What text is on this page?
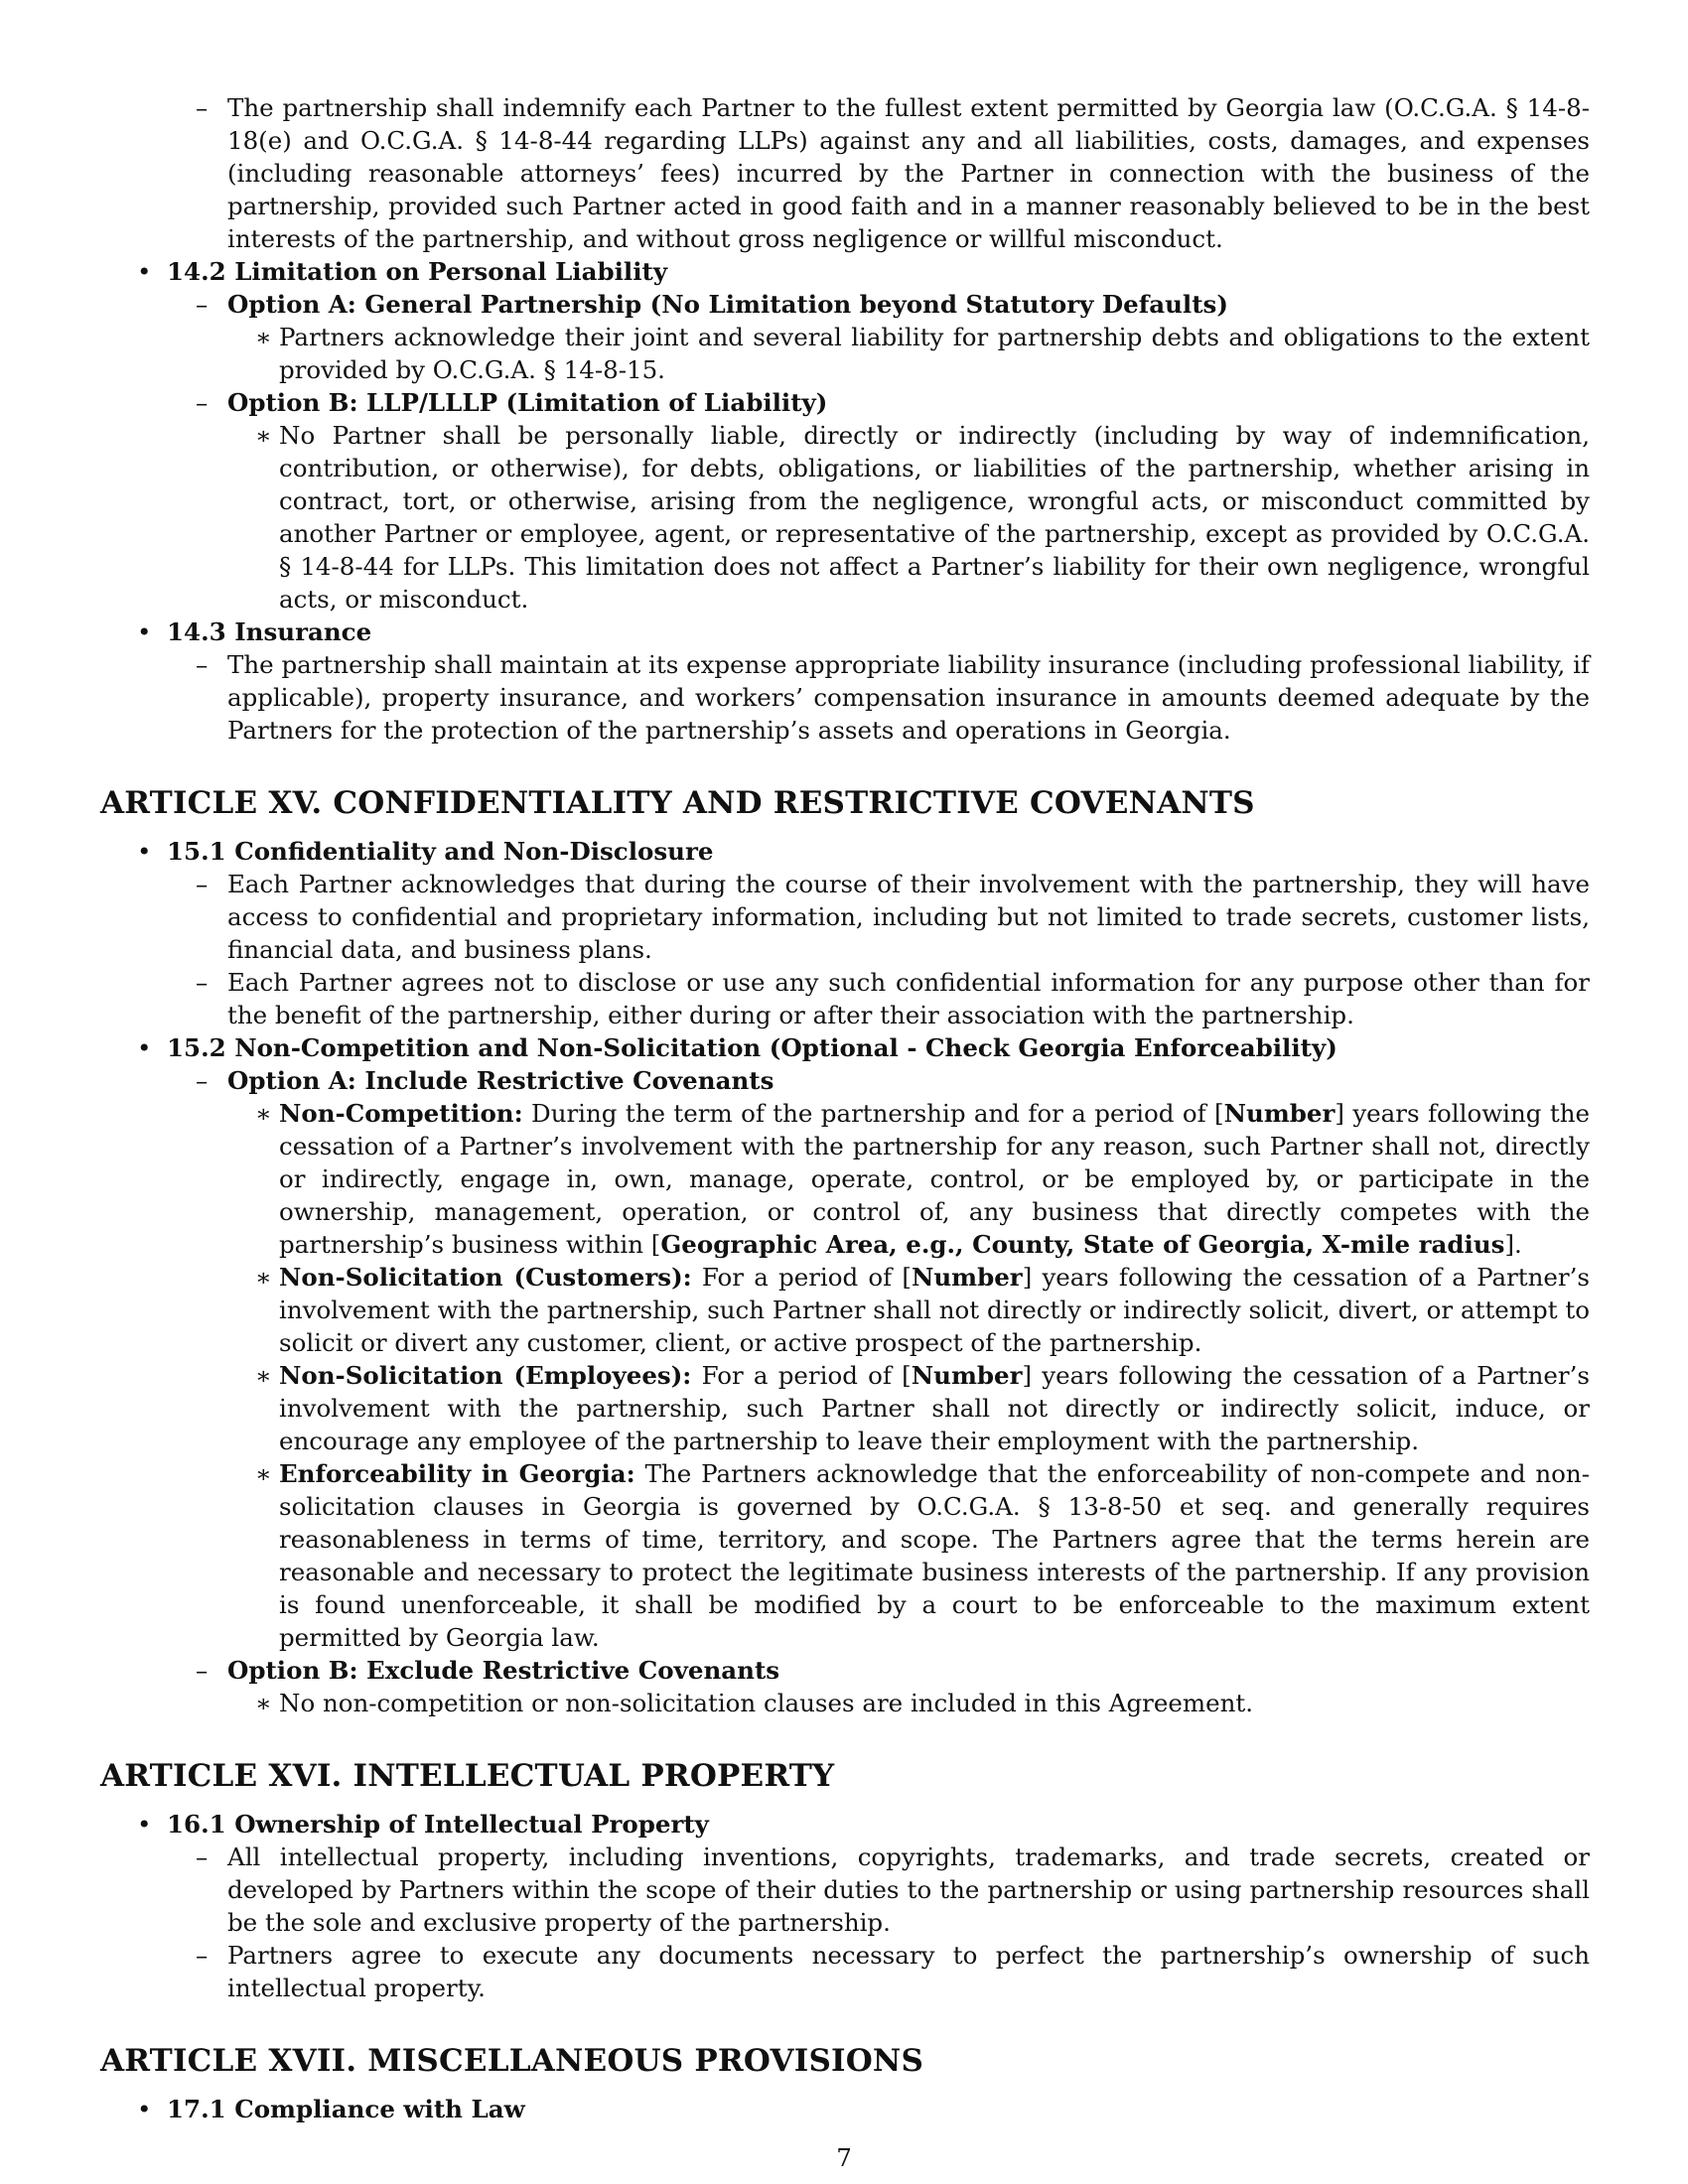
– The partnership shall indemnify each Partner to the fullest extent permitted by Georgia law (O.C.G.A. § 14-8-18(e) and O.C.G.A. § 14-8-44 regarding LLPs) against any and all liabilities, costs, damages, and expenses (including reasonable attorneys’ fees) incurred by the Partner in connection with the business of the partnership, provided such Partner acted in good faith and in a manner reasonably believed to be in the best interests of the partnership, and without gross negligence or willful misconduct.
• 14.2 Limitation on Personal Liability
– Option A: General Partnership (No Limitation beyond Statutory Defaults)
∗ Partners acknowledge their joint and several liability for partnership debts and obligations to the extent provided by O.C.G.A. § 14-8-15.
– Option B: LLP/LLLP (Limitation of Liability)
∗ No Partner shall be personally liable, directly or indirectly (including by way of indemnification, contribution, or otherwise), for debts, obligations, or liabilities of the partnership, whether arising in contract, tort, or otherwise, arising from the negligence, wrongful acts, or misconduct committed by another Partner or employee, agent, or representative of the partnership, except as provided by O.C.G.A. § 14-8-44 for LLPs. This limitation does not affect a Partner’s liability for their own negligence, wrongful acts, or misconduct.
• 14.3 Insurance
– The partnership shall maintain at its expense appropriate liability insurance (including professional liability, if applicable), property insurance, and workers’ compensation insurance in amounts deemed adequate by the Partners for the protection of the partnership’s assets and operations in Georgia.
ARTICLE XV. CONFIDENTIALITY AND RESTRICTIVE COVENANTS
• 15.1 Confidentiality and Non-Disclosure
– Each Partner acknowledges that during the course of their involvement with the partnership, they will have access to confidential and proprietary information, including but not limited to trade secrets, customer lists, financial data, and business plans.
– Each Partner agrees not to disclose or use any such confidential information for any purpose other than for the benefit of the partnership, either during or after their association with the partnership.
• 15.2 Non-Competition and Non-Solicitation (Optional - Check Georgia Enforceability)
– Option A: Include Restrictive Covenants
∗ Non-Competition: During the term of the partnership and for a period of [Number] years following the cessation of a Partner’s involvement with the partnership for any reason, such Partner shall not, directly or indirectly, engage in, own, manage, operate, control, or be employed by, or participate in the ownership, management, operation, or control of, any business that directly competes with the partnership’s business within [Geographic Area, e.g., County, State of Georgia, X-mile radius].
∗ Non-Solicitation (Customers): For a period of [Number] years following the cessation of a Partner’s involvement with the partnership, such Partner shall not directly or indirectly solicit, divert, or attempt to solicit or divert any customer, client, or active prospect of the partnership.
∗ Non-Solicitation (Employees): For a period of [Number] years following the cessation of a Partner’s involvement with the partnership, such Partner shall not directly or indirectly solicit, induce, or encourage any employee of the partnership to leave their employment with the partnership.
∗ Enforceability in Georgia: The Partners acknowledge that the enforceability of non-compete and non-solicitation clauses in Georgia is governed by O.C.G.A. § 13-8-50 et seq. and generally requires reasonableness in terms of time, territory, and scope. The Partners agree that the terms herein are reasonable and necessary to protect the legitimate business interests of the partnership. If any provision is found unenforceable, it shall be modified by a court to be enforceable to the maximum extent permitted by Georgia law.
– Option B: Exclude Restrictive Covenants
∗ No non-competition or non-solicitation clauses are included in this Agreement.
ARTICLE XVI. INTELLECTUAL PROPERTY
• 16.1 Ownership of Intellectual Property
– All intellectual property, including inventions, copyrights, trademarks, and trade secrets, created or developed by Partners within the scope of their duties to the partnership or using partnership resources shall be the sole and exclusive property of the partnership.
– Partners agree to execute any documents necessary to perfect the partnership’s ownership of such intellectual property.
ARTICLE XVII. MISCELLANEOUS PROVISIONS
• 17.1 Compliance with Law
7
